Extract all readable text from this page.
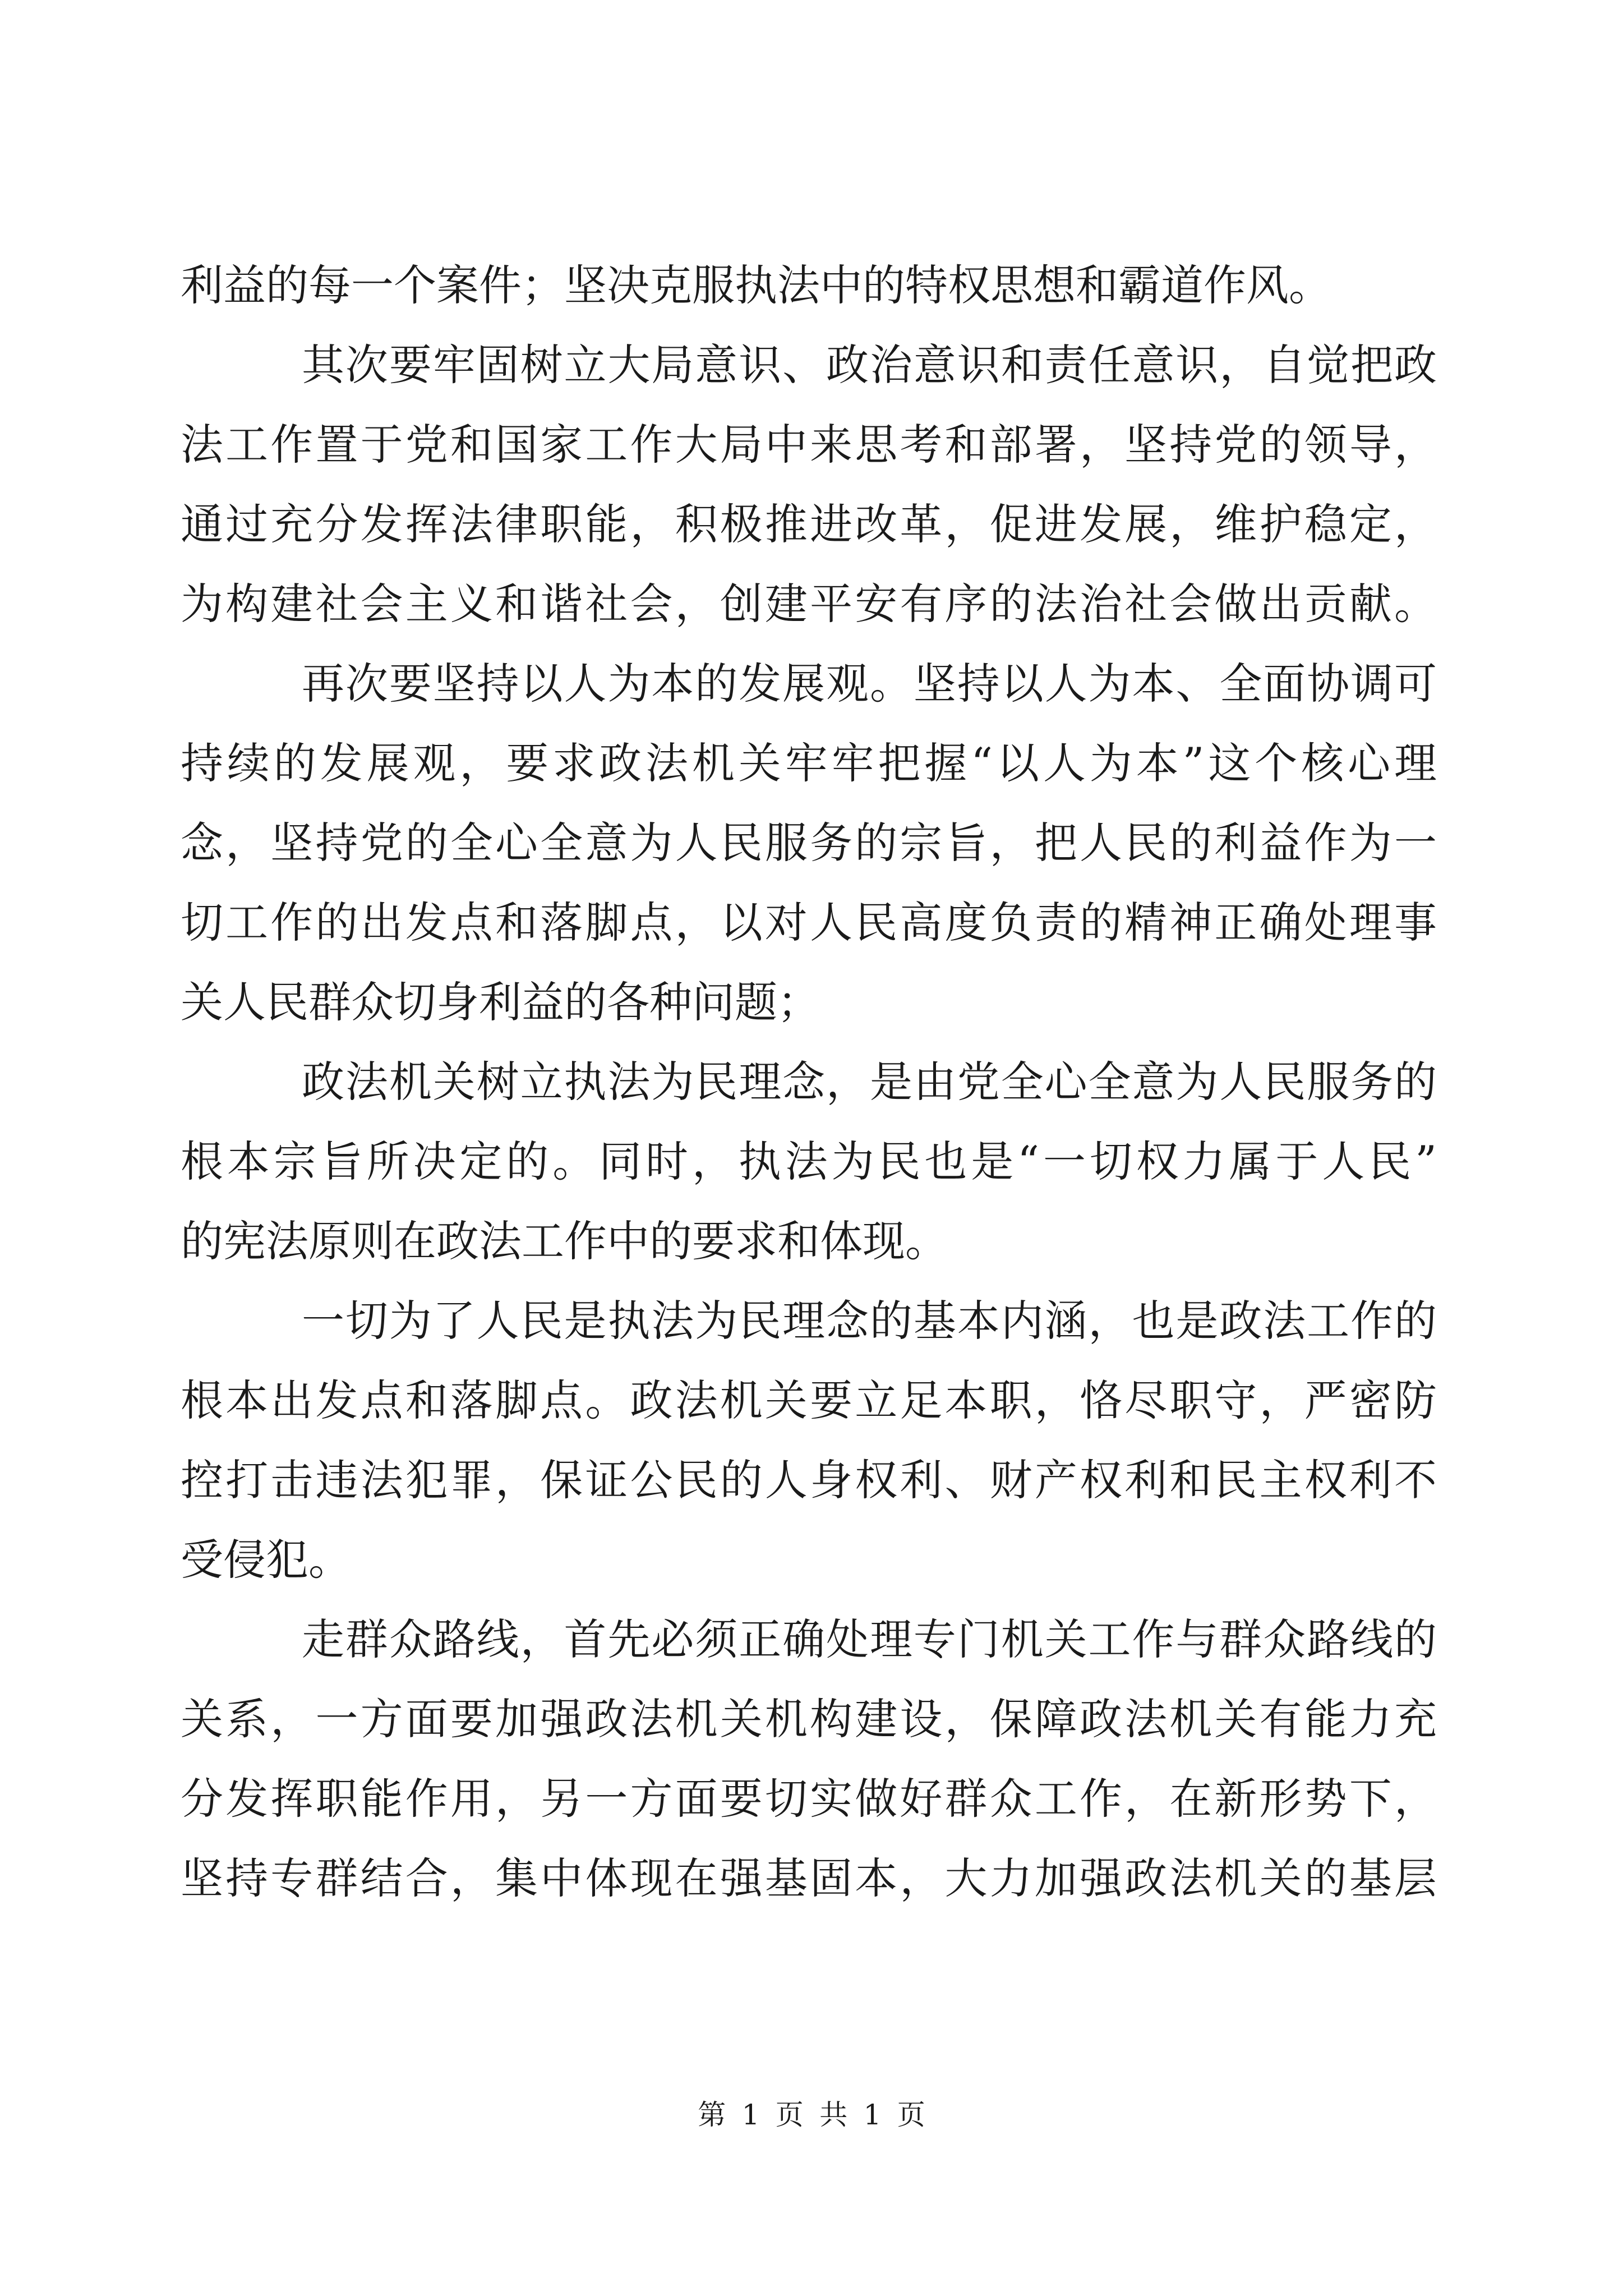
利益的每一个案件；坚决克服执法中的特权思想和霸道作风。
其次要牢固树立大局意识、政治意识和责任意识，自觉把政
法工作置于党和国家工作大局中来思考和部署，坚持党的领导，
通过充分发挥法律职能，积极推进改革，促进发展，维护稳定，
为构建社会主义和谐社会，创建平安有序的法治社会做出贡献。
再次要坚持以人为本的发展观。坚持以人为本、全面协调可
持续的发展观，要求政法机关牢牢把握“以人为本”这个核心理
念，坚持党的全心全意为人民服务的宗旨，把人民的利益作为一
切工作的出发点和落脚点，以对人民高度负责的精神正确处理事
关人民群众切身利益的各种问题；
政法机关树立执法为民理念，是由党全心全意为人民服务的
根本宗旨所决定的。同时，执法为民也是“一切权力属于人民”
的宪法原则在政法工作中的要求和体现。
一切为了人民是执法为民理念的基本内涵，也是政法工作的
根本出发点和落脚点。政法机关要立足本职，恪尽职守，严密防
控打击违法犯罪，保证公民的人身权利、财产权利和民主权利不
受侵犯。
走群众路线，首先必须正确处理专门机关工作与群众路线的
关系，一方面要加强政法机关机构建设，保障政法机关有能力充
分发挥职能作用，另一方面要切实做好群众工作，在新形势下，
坚持专群结合，集中体现在强基固本，大力加强政法机关的基层
第 1 页 共 1 页
